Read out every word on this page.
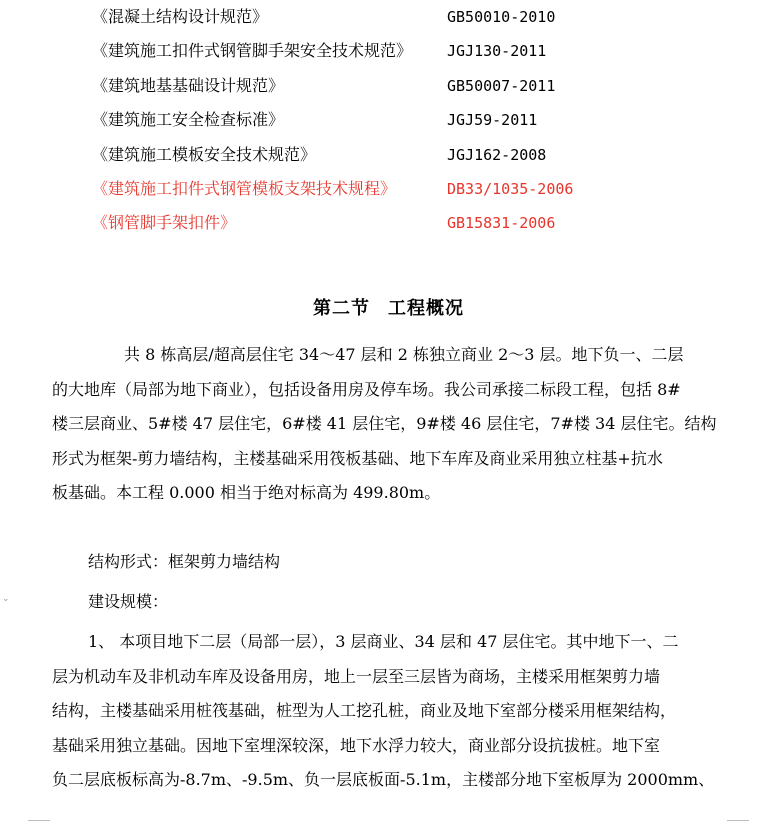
《混凝土结构设计规范》	GB50010-2010
《建筑施工扣件式钢管脚手架安全技术规范》 JGJ130-2011
《建筑地基基础设计规范》	GB50007-2011
《建筑施工安全检查标准》	JGJ59-2011
《建筑施工模板安全技术规范》	JGJ162-2008
《建筑施工扣件式钢管模板支架技术规程》	DB33/1035-2006
《钢管脚手架扣件》	GB15831-2006
第二节 工程概况
共 8 栋高层/超高层住宅 34～47 层和 2 栋独立商业 2～3 层。地下负一、二层
的大地库（局部为地下商业），包括设备用房及停车场。我公司承接二标段工程，包括 8#
楼三层商业、5#楼 47 层住宅，6#楼 41 层住宅，9#楼 46 层住宅，7#楼 34 层住宅。结构
形式为框架-剪力墙结构，主楼基础采用筏板基础、地下车库及商业采用独立柱基+抗水
板基础。本工程 0.000 相当于绝对标高为 499.80m。
结构形式：框架剪力墙结构
建设规模：
1、 本项目地下二层（局部一层），3 层商业、34 层和 47 层住宅。其中地下一、二
层为机动车及非机动车库及设备用房，地上一层至三层皆为商场，主楼采用框架剪力墙
结构，主楼基础采用桩筏基础，桩型为人工挖孔桩，商业及地下室部分楼采用框架结构，
基础采用独立基础。因地下室埋深较深，地下水浮力较大，商业部分设抗拔桩。地下室
负二层底板标高为-8.7m、-9.5m、负一层底板面-5.1m，主楼部分地下室板厚为 2000mm、
⌄
